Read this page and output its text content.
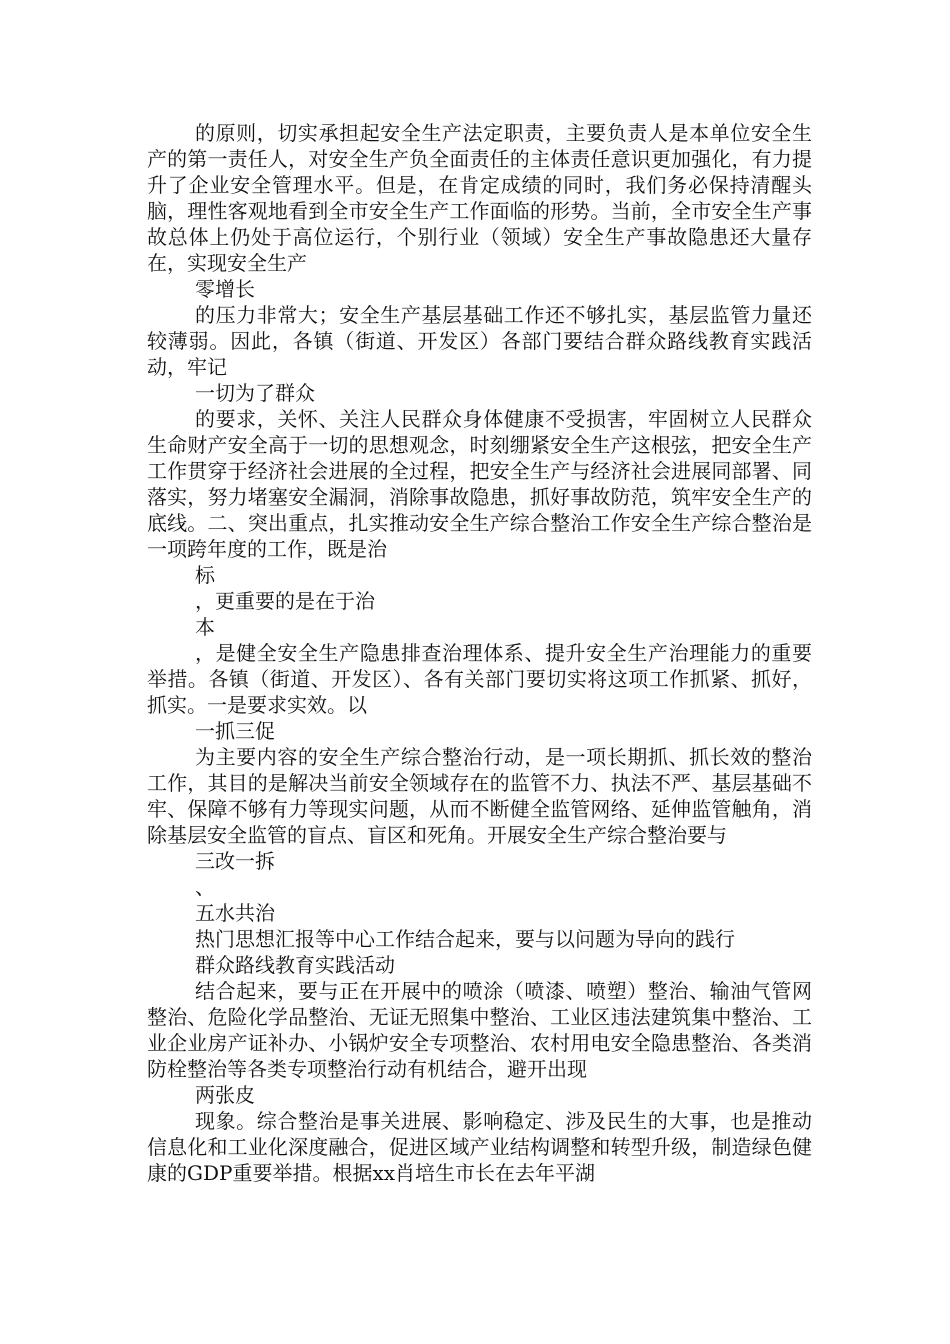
的原则，切实承担起安全生产法定职责，主要负责人是本单位安全生产的第一责任人，对安全生产负全面责任的主体责任意识更加强化，有力提升了企业安全管理水平。但是，在肯定成绩的同时，我们务必保持清醒头脑，理性客观地看到全市安全生产工作面临的形势。当前，全市安全生产事故总体上仍处于高位运行，个别行业（领域）安全生产事故隐患还大量存在，实现安全生产

零增长

的压力非常大；安全生产基层基础工作还不够扎实，基层监管力量还较薄弱。因此，各镇（街道、开发区）各部门要结合群众路线教育实践活动，牢记

一切为了群众

的要求，关怀、关注人民群众身体健康不受损害，牢固树立人民群众生命财产安全高于一切的思想观念，时刻绷紧安全生产这根弦，把安全生产工作贯穿于经济社会进展的全过程，把安全生产与经济社会进展同部署、同落实，努力堵塞安全漏洞，消除事故隐患，抓好事故防范，筑牢安全生产的底线。二、突出重点，扎实推动安全生产综合整治工作安全生产综合整治是一项跨年度的工作，既是治

标

，更重要的是在于治

本

，是健全安全生产隐患排查治理体系、提升安全生产治理能力的重要举措。各镇（街道、开发区）、各有关部门要切实将这项工作抓紧、抓好，抓实。一是要求实效。以

一抓三促

为主要内容的安全生产综合整治行动，是一项长期抓、抓长效的整治工作，其目的是解决当前安全领域存在的监管不力、执法不严、基层基础不牢、保障不够有力等现实问题，从而不断健全监管网络、延伸监管触角，消除基层安全监管的盲点、盲区和死角。开展安全生产综合整治要与

三改一拆

、

五水共治

热门思想汇报等中心工作结合起来，要与以问题为导向的践行

群众路线教育实践活动

结合起来，要与正在开展中的喷涂（喷漆、喷塑）整治、输油气管网整治、危险化学品整治、无证无照集中整治、工业区违法建筑集中整治、工业企业房产证补办、小锅炉安全专项整治、农村用电安全隐患整治、各类消防栓整治等各类专项整治行动有机结合，避开出现

两张皮

现象。综合整治是事关进展、影响稳定、涉及民生的大事，也是推动信息化和工业化深度融合，促进区域产业结构调整和转型升级，制造绿色健康的GDP重要举措。根据xx肖培生市长在去年平湖
